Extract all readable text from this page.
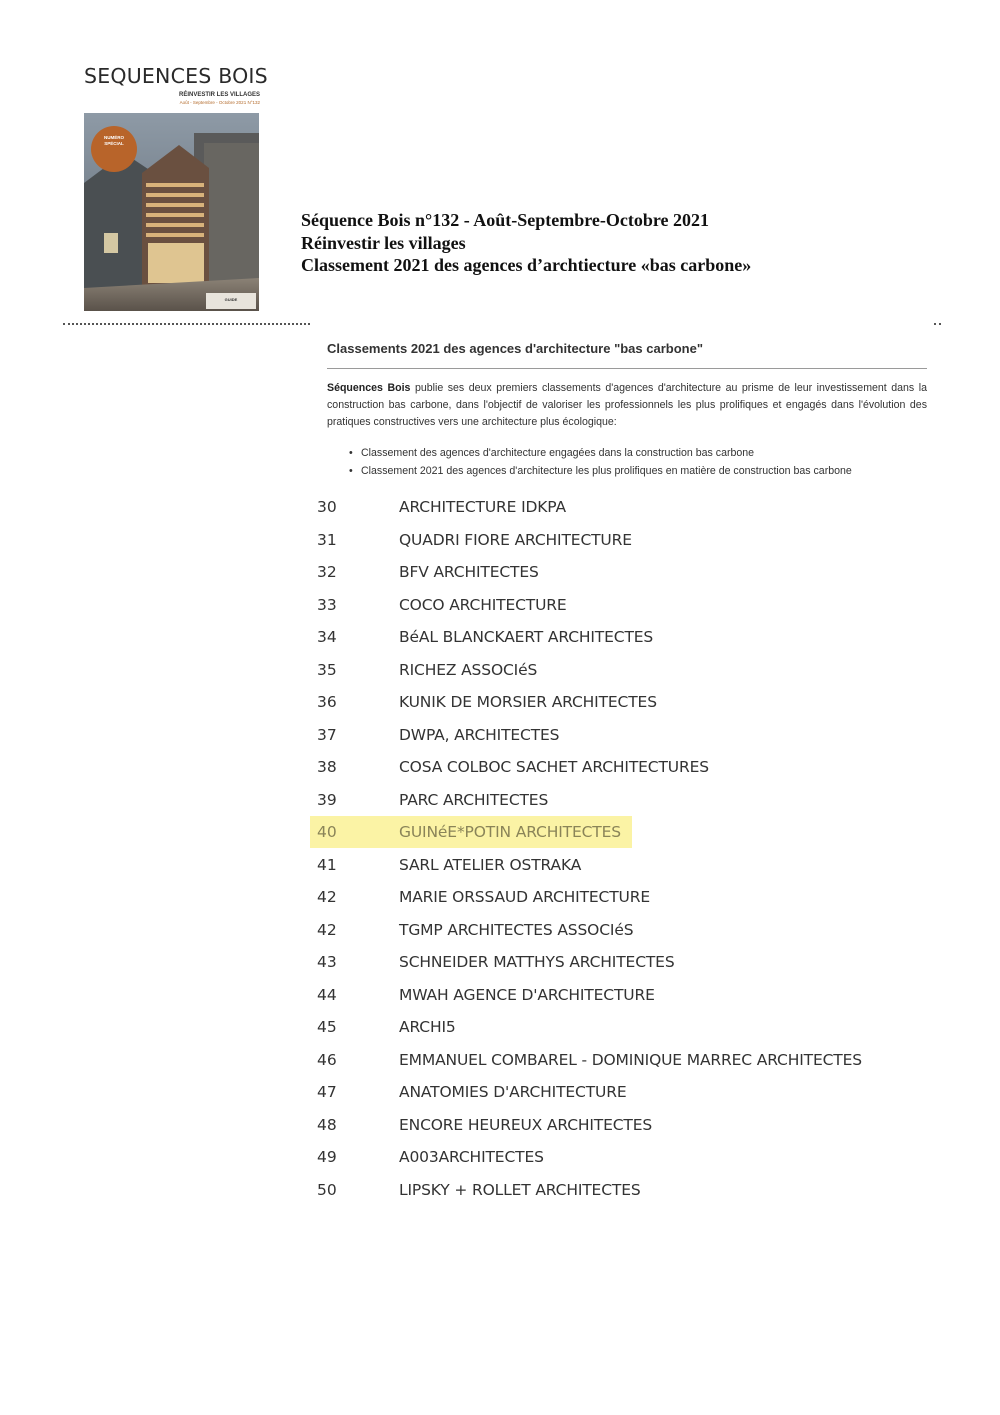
SEQUENCES BOIS
RÉINVESTIR LES VILLAGES
Août - Septembre - Octobre 2021 N°132
NUMÉRO
SPÉCIAL
GUIDE
Séquence Bois n°132 - Août-Septembre-Octobre 2021
Réinvestir les villages
Classement 2021 des agences d’archtiecture «bas carbone»
Classements 2021 des agences d'architecture "bas carbone"
Séquences Bois publie ses deux premiers classements d'agences d'architecture au prisme de leur investissement dans la construction bas carbone, dans l'objectif de valoriser les professionnels les plus prolifiques et engagés dans l'évolution des pratiques constructives vers une architecture plus écologique:
• Classement des agences d'architecture engagées dans la construction bas carbone
• Classement 2021 des agences d'architecture les plus prolifiques en matière de construction bas carbone
30	ARCHITECTURE IDKPA
31	QUADRI FIORE ARCHITECTURE
32	BFV ARCHITECTES
33	COCO ARCHITECTURE
34	BéAL BLANCKAERT ARCHITECTES
35	RICHEZ ASSOCIéS
36	KUNIK DE MORSIER ARCHITECTES
37	DWPA, ARCHITECTES
38	COSA COLBOC SACHET ARCHITECTURES
39	PARC ARCHITECTES
40	GUINéE*POTIN ARCHITECTES
41	SARL ATELIER OSTRAKA
42	MARIE ORSSAUD ARCHITECTURE
42	TGMP ARCHITECTES ASSOCIéS
43	SCHNEIDER MATTHYS ARCHITECTES
44	MWAH AGENCE D'ARCHITECTURE
45	ARCHI5
46	EMMANUEL COMBAREL - DOMINIQUE MARREC ARCHITECTES
47	ANATOMIES D'ARCHITECTURE
48	ENCORE HEUREUX ARCHITECTES
49	A003ARCHITECTES
50	LIPSKY + ROLLET ARCHITECTES
